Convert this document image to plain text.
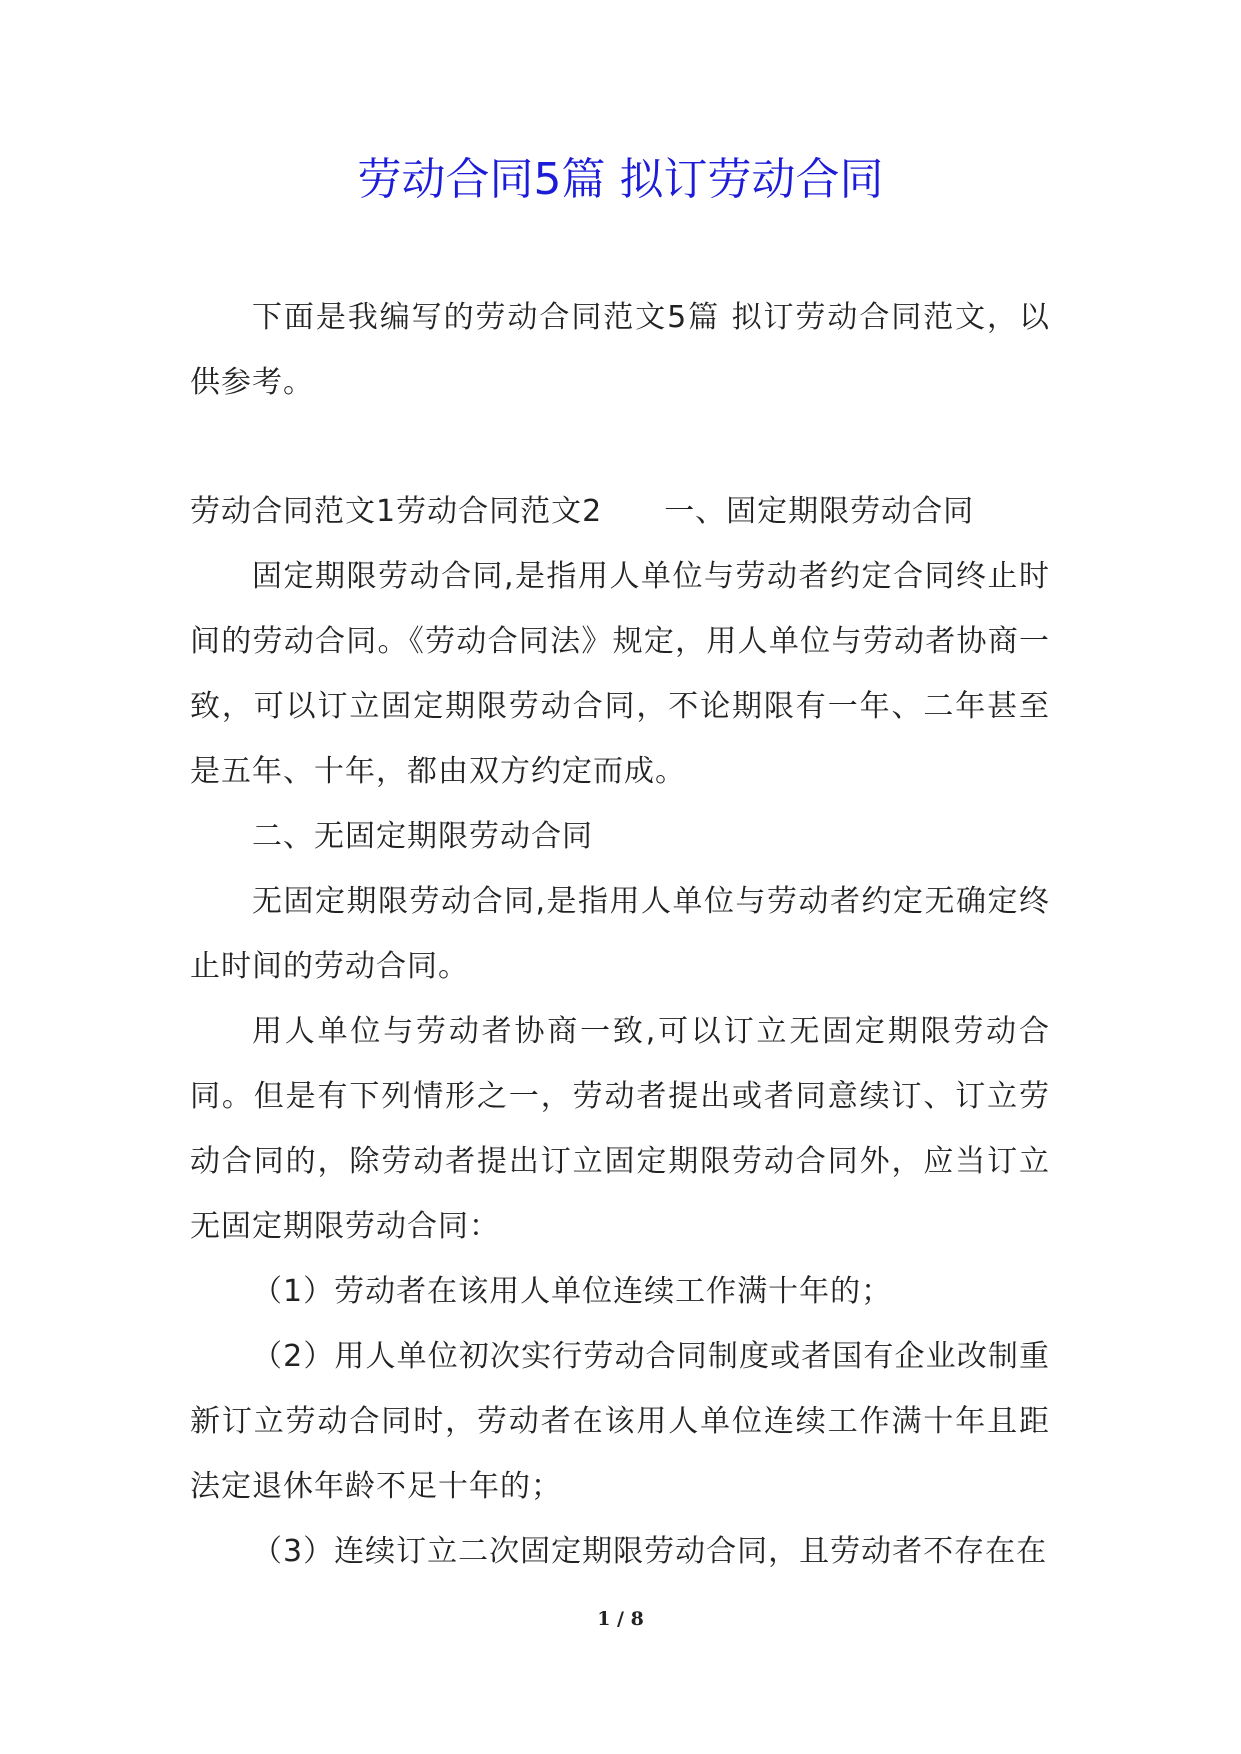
劳动合同5篇 拟订劳动合同

下面是我编写的劳动合同范文5篇 拟订劳动合同范文，以供参考。

劳动合同范文1劳动合同范文2 一、固定期限劳动合同

固定期限劳动合同,是指用人单位与劳动者约定合同终止时间的劳动合同。《劳动合同法》规定，用人单位与劳动者协商一致，可以订立固定期限劳动合同，不论期限有一年、二年甚至是五年、十年，都由双方约定而成。

二、无固定期限劳动合同

无固定期限劳动合同,是指用人单位与劳动者约定无确定终止时间的劳动合同。

用人单位与劳动者协商一致,可以订立无固定期限劳动合同。但是有下列情形之一，劳动者提出或者同意续订、订立劳动合同的，除劳动者提出订立固定期限劳动合同外，应当订立无固定期限劳动合同：

（1）劳动者在该用人单位连续工作满十年的；

（2）用人单位初次实行劳动合同制度或者国有企业改制重新订立劳动合同时，劳动者在该用人单位连续工作满十年且距法定退休年龄不足十年的；

（3）连续订立二次固定期限劳动合同，且劳动者不存在在

1 / 8
